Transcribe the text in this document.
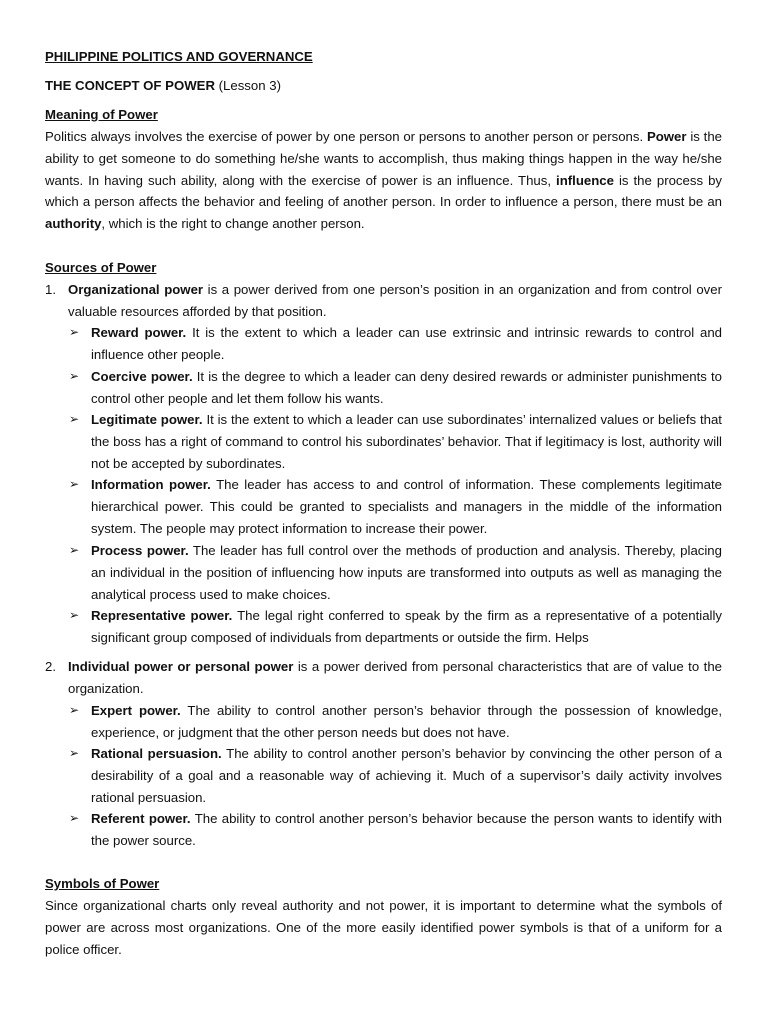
PHILIPPINE POLITICS AND GOVERNANCE
THE CONCEPT OF POWER (Lesson 3)
Meaning of Power

Politics always involves the exercise of power by one person or persons to another person or persons. Power is the ability to get someone to do something he/she wants to accomplish, thus making things happen in the way he/she wants. In having such ability, along with the exercise of power is an influence. Thus, influence is the process by which a person affects the behavior and feeling of another person. In order to influence a person, there must be an authority, which is the right to change another person.

Sources of Power
1. Organizational power is a power derived from one person’s position in an organization and from control over valuable resources afforded by that position.

➢ Reward power. It is the extent to which a leader can use extrinsic and intrinsic rewards to control and influence other people.

➢ Coercive power. It is the degree to which a leader can deny desired rewards or administer punishments to control other people and let them follow his wants.

➢ Legitimate power. It is the extent to which a leader can use subordinates’ internalized values or beliefs that the boss has a right of command to control his subordinates’ behavior. That if legitimacy is lost, authority will not be accepted by subordinates.

➢ Information power. The leader has access to and control of information. These complements legitimate hierarchical power. This could be granted to specialists and managers in the middle of the information system. The people may protect information to increase their power.

➢ Process power. The leader has full control over the methods of production and analysis. Thereby, placing an individual in the position of influencing how inputs are transformed into outputs as well as managing the analytical process used to make choices.

➢ Representative power. The legal right conferred to speak by the firm as a representative of a potentially significant group composed of individuals from departments or outside the firm. Helps

2. Individual power or personal power is a power derived from personal characteristics that are of value to the organization.

➢ Expert power. The ability to control another person’s behavior through the possession of knowledge, experience, or judgment that the other person needs but does not have.

➢ Rational persuasion. The ability to control another person’s behavior by convincing the other person of a desirability of a goal and a reasonable way of achieving it. Much of a supervisor’s daily activity involves rational persuasion.

➢ Referent power. The ability to control another person’s behavior because the person wants to identify with the power source.

Symbols of Power

Since organizational charts only reveal authority and not power, it is important to determine what the symbols of power are across most organizations. One of the more easily identified power symbols is that of a uniform for a police officer.
